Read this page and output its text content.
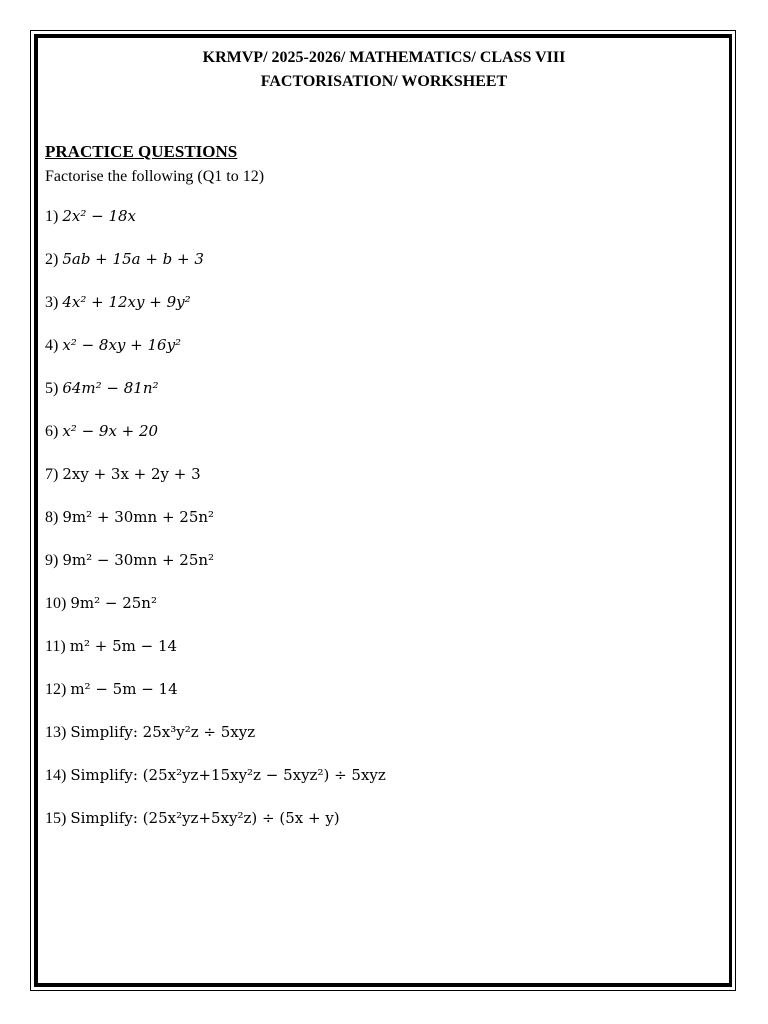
KRMVP/ 2025-2026/ MATHEMATICS/ CLASS VIII
FACTORISATION/ WORKSHEET
PRACTICE QUESTIONS
Factorise the following (Q1 to 12)
1) 2x² − 18x
2) 5ab + 15a + b + 3
3) 4x² + 12xy + 9y²
4) x² − 8xy + 16y²
5) 64m² − 81n²
6) x² − 9x + 20
7) 2xy + 3x + 2y + 3
8) 9m² + 30mn + 25n²
9) 9m² − 30mn + 25n²
10) 9m² − 25n²
11) m² + 5m − 14
12) m² − 5m − 14
13) Simplify: 25x³y²z ÷ 5xyz
14) Simplify: (25x²yz+15xy²z − 5xyz²) ÷ 5xyz
15) Simplify: (25x²yz+5xy²z) ÷ (5x + y)
